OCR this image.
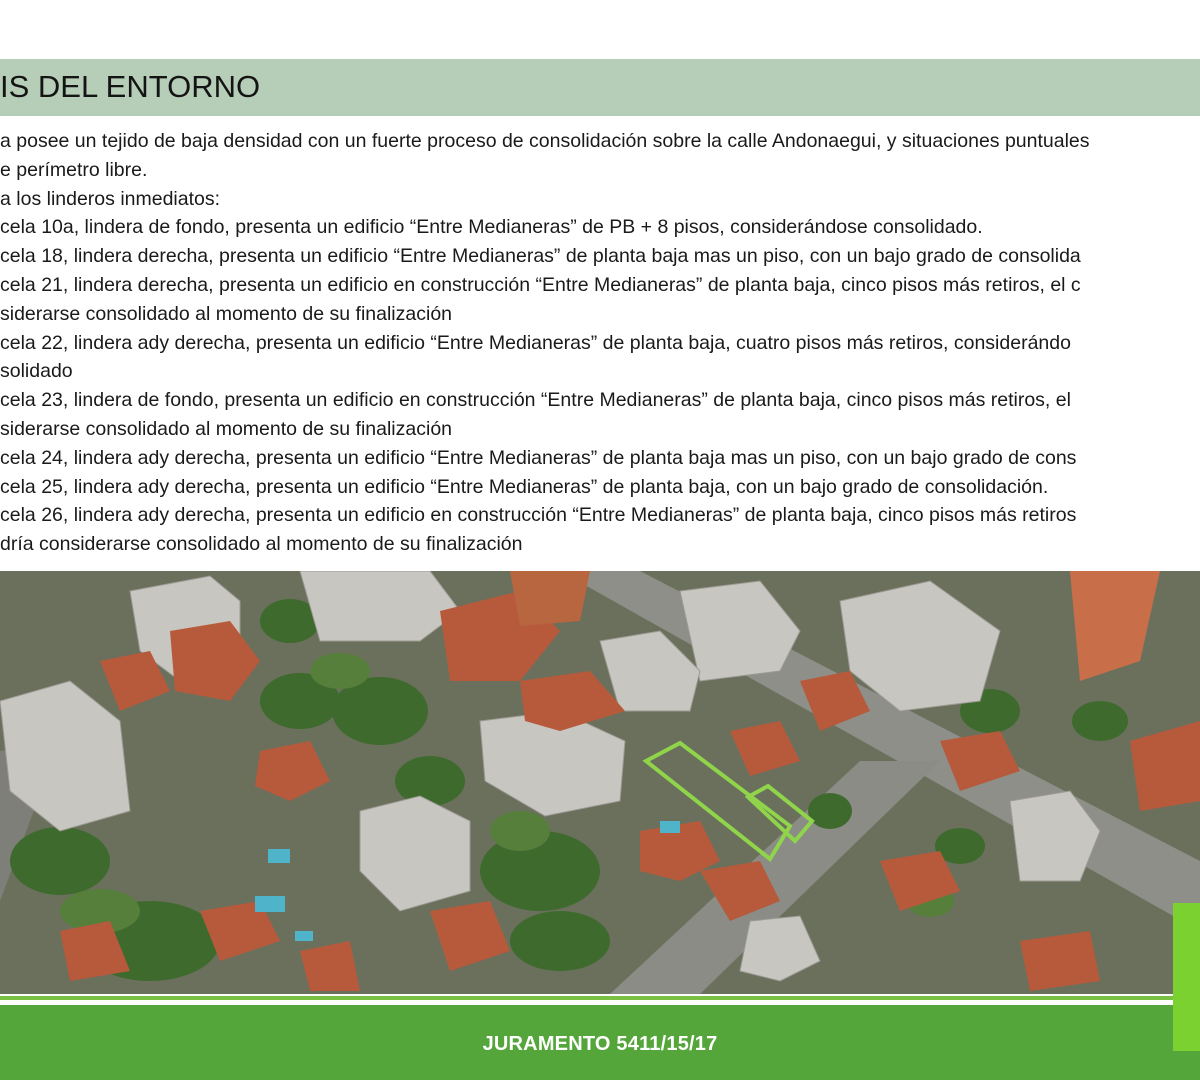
IS DEL ENTORNO
a posee un tejido de baja densidad con un fuerte proceso de consolidación sobre la calle Andonaegui, y situaciones puntuales
e perímetro libre.
a los linderos inmediatos:
cela 10a, lindera de fondo, presenta un edificio “Entre Medianeras” de PB + 8 pisos, considerándose consolidado.
cela 18, lindera derecha, presenta un edificio “Entre Medianeras” de planta baja mas un piso, con un bajo grado de consolida
cela 21, lindera derecha, presenta un edificio en construcción “Entre Medianeras” de planta baja, cinco pisos más retiros, el c
siderarse consolidado al momento de su finalización
cela 22, lindera ady derecha, presenta un edificio “Entre Medianeras” de planta baja, cuatro pisos más retiros, considerándo
solidado
cela 23, lindera de fondo, presenta un edificio en construcción “Entre Medianeras” de planta baja, cinco pisos más retiros, el
siderarse consolidado al momento de su finalización
cela 24, lindera ady derecha, presenta un edificio “Entre Medianeras” de planta baja mas un piso, con un bajo grado de cons
cela 25, lindera ady derecha, presenta un edificio “Entre Medianeras” de planta baja, con un bajo grado de consolidación.
cela 26, lindera ady derecha, presenta un edificio en construcción “Entre Medianeras” de planta baja, cinco pisos más retiros
dría considerarse consolidado al momento de su finalización
JURAMENTO 5411/15/17
